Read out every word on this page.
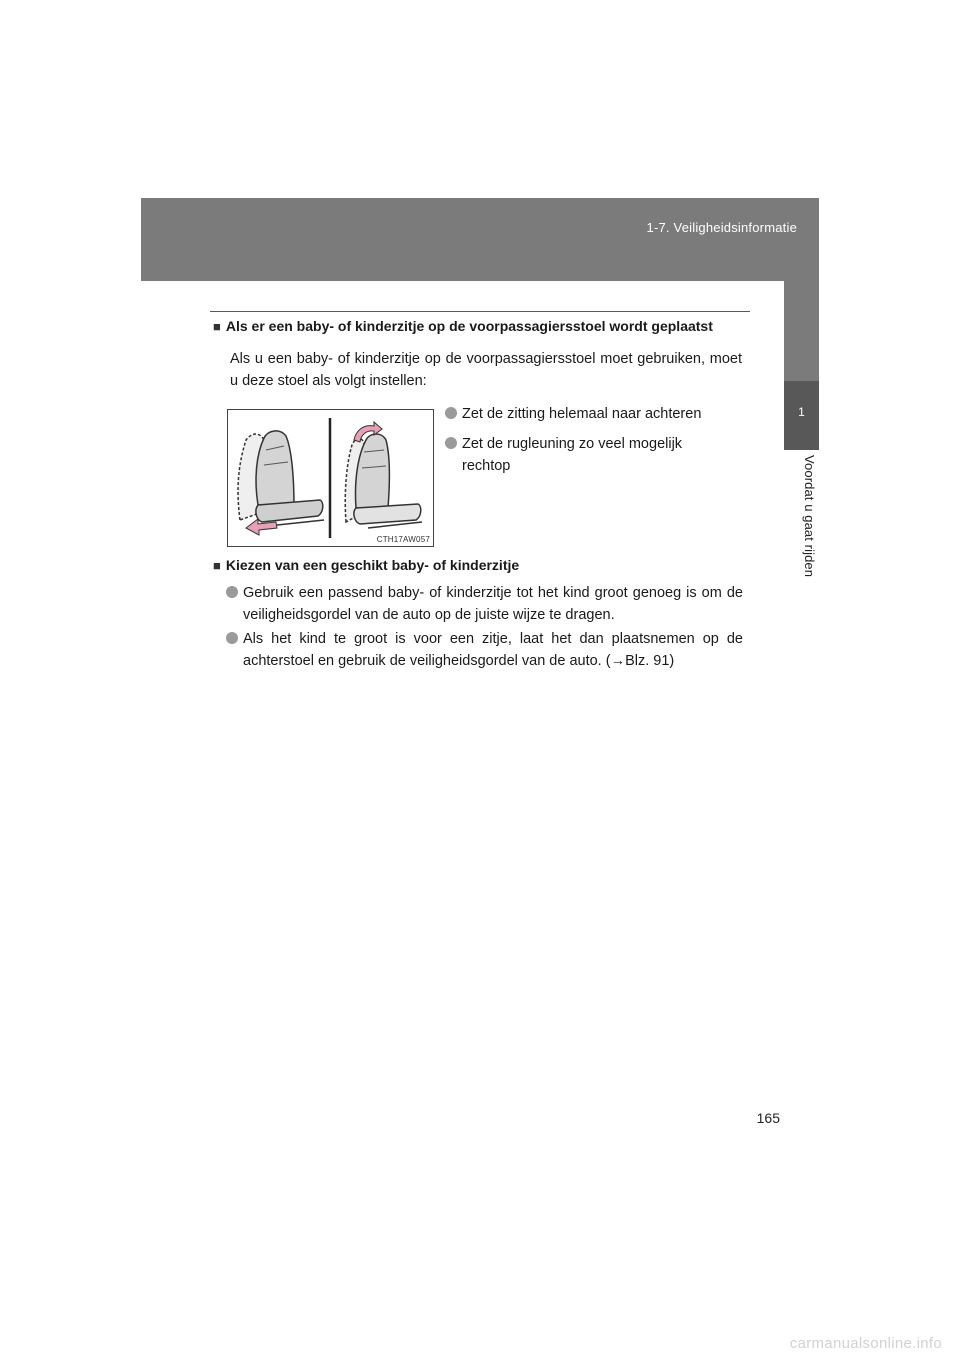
1-7. Veiligheidsinformatie
1
Voordat u gaat rijden
■ Als er een baby- of kinderzitje op de voorpassagiersstoel wordt geplaatst
Als u een baby- of kinderzitje op de voorpassagiersstoel moet gebruiken, moet u deze stoel als volgt instellen:
CTH17AW057
Zet de zitting helemaal naar achteren
Zet de rugleuning zo veel mogelijk rechtop
■ Kiezen van een geschikt baby- of kinderzitje
Gebruik een passend baby- of kinderzitje tot het kind groot genoeg is om de veiligheidsgordel van de auto op de juiste wijze te dragen.
Als het kind te groot is voor een zitje, laat het dan plaatsnemen op de achterstoel en gebruik de veiligheidsgordel van de auto. (→Blz. 91)
165
carmanualsonline.info
